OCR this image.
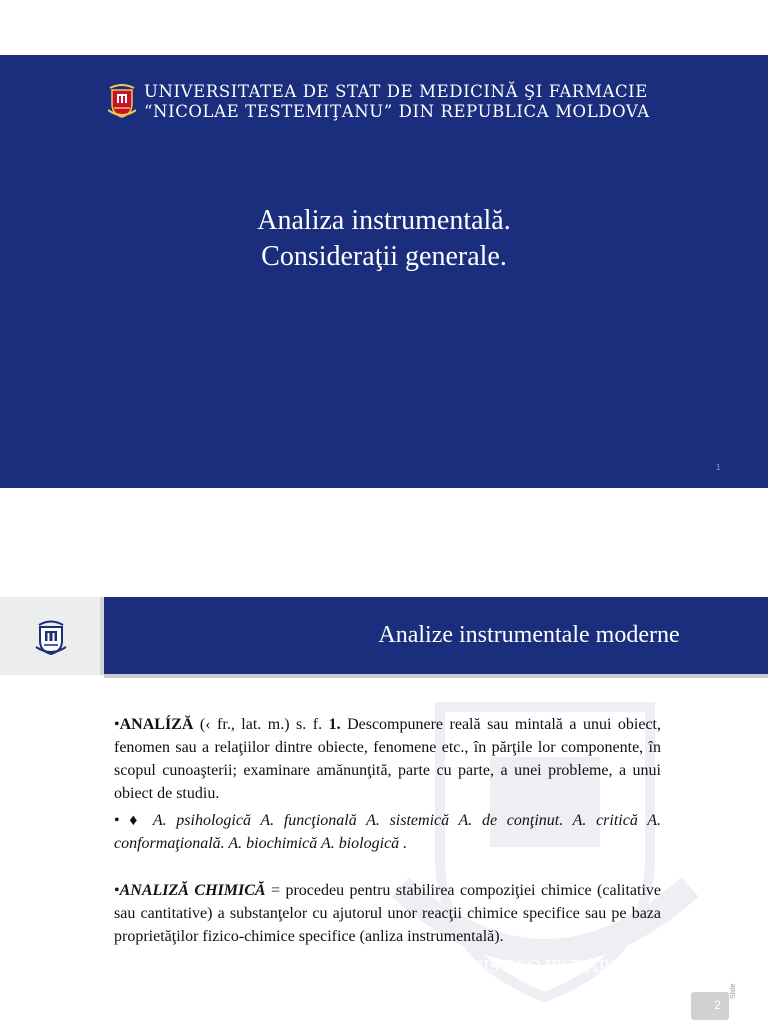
UNIVERSITATEA DE STAT DE MEDICINĂ ŞI FARMACIE
“NICOLAE TESTEMIŢANU” DIN REPUBLICA MOLDOVA
Analiza instrumentală.
Consideraţii generale.
1
Analize instrumentale moderne
ALIIS EGO IPSE ARDO

•ANALÍZĂ (‹ fr., lat. m.) s. f. 1. Descompunere reală sau mintală a unui obiect, fenomen sau a relaţiilor dintre obiecte, fenomene etc., în părţile lor componente, în scopul cunoaşterii; examinare amănunţită, parte cu parte, a unei probleme, a unui obiect de studiu.

• ♦ A. psihologică A. funcţională A. sistemică A. de conţinut. A. critică A. conformaţională. A. biochimică A. biologică .

•ANALIZĂ CHIMICĂ = procedeu pentru stabilirea compoziţiei chimice (calitative sau cantitative) a substanţelor cu ajutorul unor reacţii chimice specifice sau pe baza proprietăţilor fizico-chimice specifice (anliza instrumentală).

2
Slide
